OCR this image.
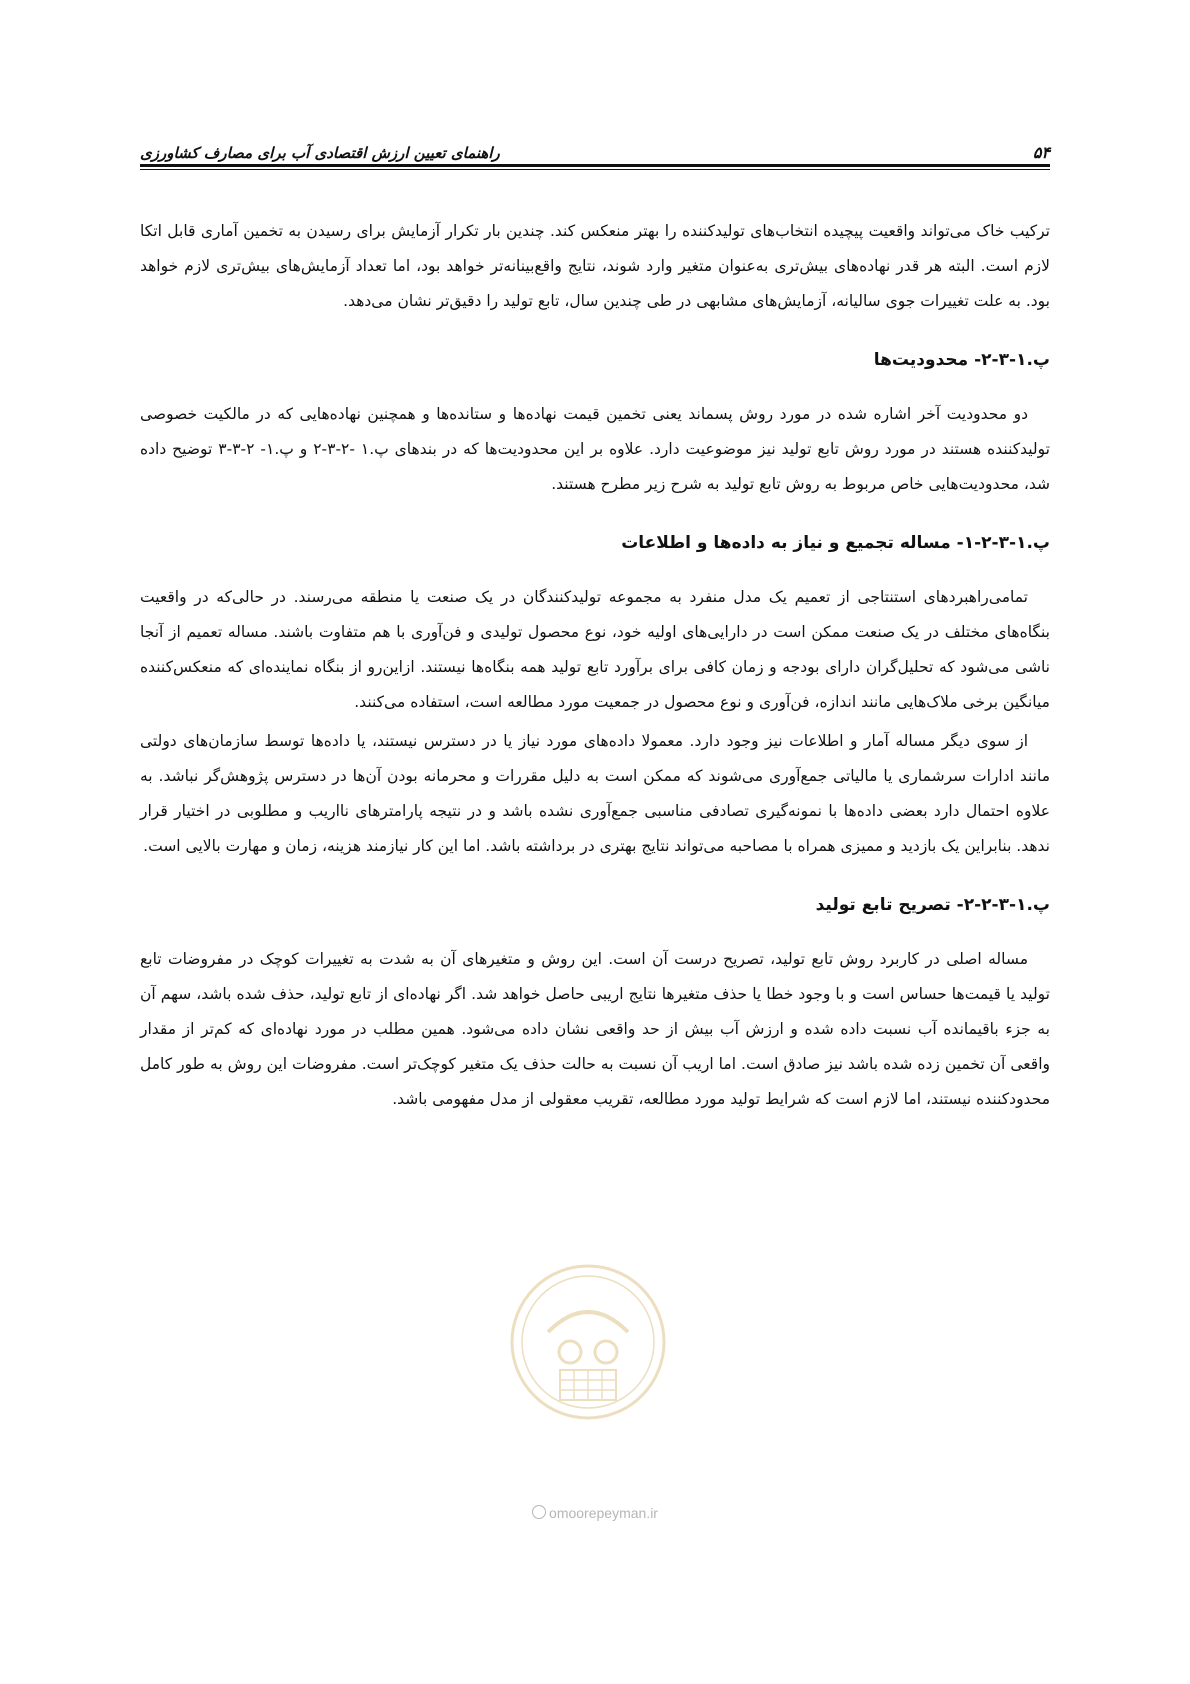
۵۴
راهنمای تعیین ارزش اقتصادی آب برای مصارف کشاورزی

ترکیب خاک می‌تواند واقعیت پیچیده انتخاب‌های تولیدکننده را بهتر منعکس کند. چندین بار تکرار آزمایش برای رسیدن به تخمین آماری قابل اتکا لازم است. البته هر قدر نهاده‌های بیش‌تری به‌عنوان متغیر وارد شوند، نتایج واقع‌بینانه‌تر خواهد بود، اما تعداد آزمایش‌های بیش‌تری لازم خواهد بود. به علت تغییرات جوی سالیانه، آزمایش‌های مشابهی در طی چندین سال، تابع تولید را دقیق‌تر نشان می‌دهد.

پ.۱-۳-۲- محدودیت‌ها

دو محدودیت آخر اشاره شده در مورد روش پسماند یعنی تخمین قیمت نهاده‌ها و ستانده‌ها و همچنین نهاده‌هایی که در مالکیت خصوصی تولیدکننده هستند در مورد روش تابع تولید نیز موضوعیت دارد. علاوه بر این محدودیت‌ها که در بندهای پ.۱ -۲-۳-۲ و پ.۱- ۲-۳-۳ توضیح داده شد، محدودیت‌هایی خاص مربوط به روش تابع تولید به شرح زیر مطرح هستند.

پ.۱-۳-۲-۱- مساله تجمیع و نیاز به داده‌ها و اطلاعات

تمامی‌راهبردهای استنتاجی از تعمیم یک مدل منفرد به مجموعه تولیدکنندگان در یک صنعت یا منطقه می‌رسند. در حالی‌که در واقعیت بنگاه‌های مختلف در یک صنعت ممکن است در دارایی‌های اولیه خود، نوع محصول تولیدی و فن‌آوری با هم متفاوت باشند. مساله تعمیم از آنجا ناشی می‌شود که تحلیل‌گران دارای بودجه و زمان کافی برای برآورد تابع تولید همه بنگاه‌ها نیستند. ازاین‌رو از بنگاه نماینده‌ای که منعکس‌کننده میانگین برخی ملاک‌هایی مانند اندازه، فن‌آوری و نوع محصول در جمعیت مورد مطالعه است، استفاده می‌کنند.

از سوی دیگر مساله آمار و اطلاعات نیز وجود دارد. معمولا داده‌های مورد نیاز یا در دسترس نیستند، یا داده‌ها توسط سازمان‌های دولتی مانند ادارات سرشماری یا مالیاتی جمع‌آوری می‌شوند که ممکن است به دلیل مقررات و محرمانه بودن آن‌ها در دسترس پژوهش‌گر نباشد. به علاوه احتمال دارد بعضی داده‌ها با نمونه‌گیری تصادفی مناسبی جمع‌آوری نشده باشد و در نتیجه پارامترهای نااریب و مطلوبی در اختیار قرار ندهد. بنابراین یک بازدید و ممیزی همراه با مصاحبه می‌تواند نتایج بهتری در برداشته باشد. اما این کار نیازمند هزینه، زمان و مهارت بالایی است.

پ.۱-۳-۲-۲- تصریح تابع تولید

مساله اصلی در کاربرد روش تابع تولید، تصریح درست آن است. این روش و متغیرهای آن به شدت به تغییرات کوچک در مفروضات تابع تولید یا قیمت‌ها حساس است و با وجود خطا یا حذف متغیرها نتایج اریبی حاصل خواهد شد. اگر نهاده‌ای از تابع تولید، حذف شده باشد، سهم آن به جزء باقیمانده آب نسبت داده شده و ارزش آب بیش از حد واقعی نشان داده می‌شود. همین مطلب در مورد نهاده‌ای که کم‌تر از مقدار واقعی آن تخمین زده شده باشد نیز صادق است. اما اریب آن نسبت به حالت حذف یک متغیر کوچک‌تر است. مفروضات این روش به طور کامل محدودکننده نیستند، اما لازم است که شرایط تولید مورد مطالعه، تقریب معقولی از مدل مفهومی باشد.

omoorepeyman.ir
